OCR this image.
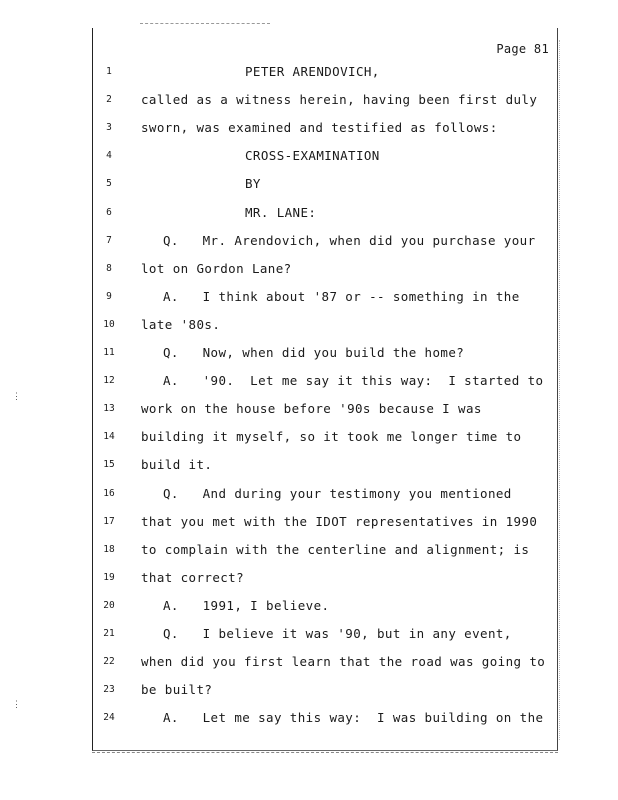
⋮
⋮
Page 81
1	PETER ARENDOVICH,
2	called as a witness herein, having been first duly
3	sworn, was examined and testified as follows:
4	CROSS-EXAMINATION
5	BY
6	MR. LANE:
7	Q.   Mr. Arendovich, when did you purchase your
8	lot on Gordon Lane?
9	A.   I think about '87 or -- something in the
10 late '80s.
11	Q.   Now, when did you build the home?
12	A.   '90.  Let me say it this way:  I started to
13 work on the house before '90s because I was
14 building it myself, so it took me longer time to
15 build it.
16	Q.   And during your testimony you mentioned
17 that you met with the IDOT representatives in 1990
18 to complain with the centerline and alignment; is
19 that correct?
20	A.   1991, I believe.
21	Q.   I believe it was '90, but in any event,
22 when did you first learn that the road was going to
23 be built?
24	A.   Let me say this way:  I was building on the
